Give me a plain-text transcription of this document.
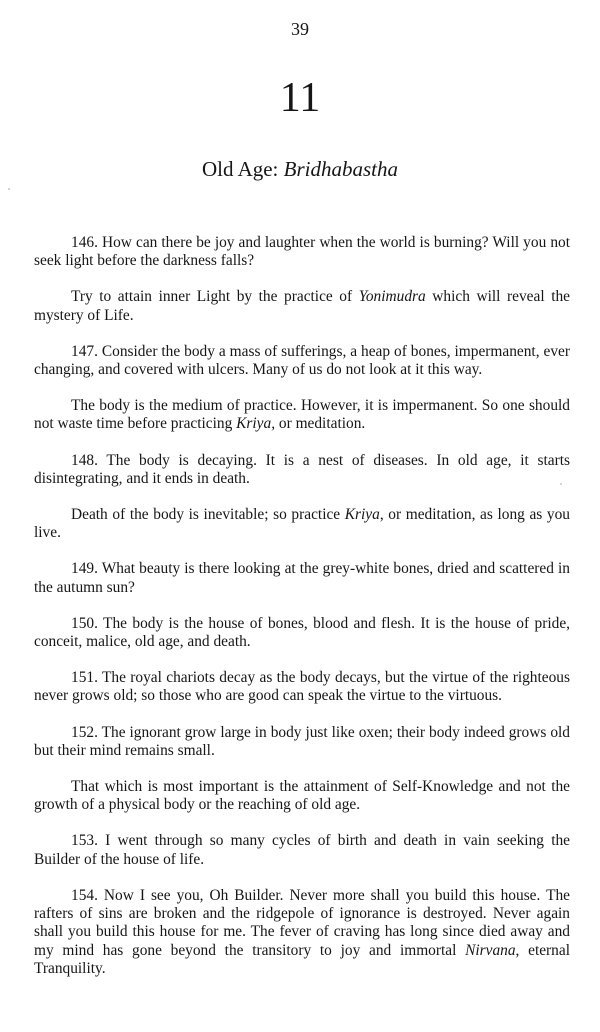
39
11
Old Age: Bridhabastha

146. How can there be joy and laughter when the world is burning? Will you not seek light before the darkness falls?

Try to attain inner Light by the practice of Yonimudra which will reveal the mystery of Life.

147. Consider the body a mass of sufferings, a heap of bones, impermanent, ever changing, and covered with ulcers. Many of us do not look at it this way.

The body is the medium of practice. However, it is impermanent. So one should not waste time before practicing Kriya, or meditation.

148. The body is decaying. It is a nest of diseases. In old age, it starts disintegrating, and it ends in death.

Death of the body is inevitable; so practice Kriya, or meditation, as long as you live.

149. What beauty is there looking at the grey-white bones, dried and scattered in the autumn sun?

150. The body is the house of bones, blood and flesh. It is the house of pride, conceit, malice, old age, and death.

151. The royal chariots decay as the body decays, but the virtue of the righteous never grows old; so those who are good can speak the virtue to the virtuous.

152. The ignorant grow large in body just like oxen; their body indeed grows old but their mind remains small.

That which is most important is the attainment of Self-Knowledge and not the growth of a physical body or the reaching of old age.

153. I went through so many cycles of birth and death in vain seeking the Builder of the house of life.

154. Now I see you, Oh Builder. Never more shall you build this house. The rafters of sins are broken and the ridgepole of ignorance is destroyed. Never again shall you build this house for me. The fever of craving has long since died away and my mind has gone beyond the transitory to joy and immortal Nirvana, eternal Tranquility.
